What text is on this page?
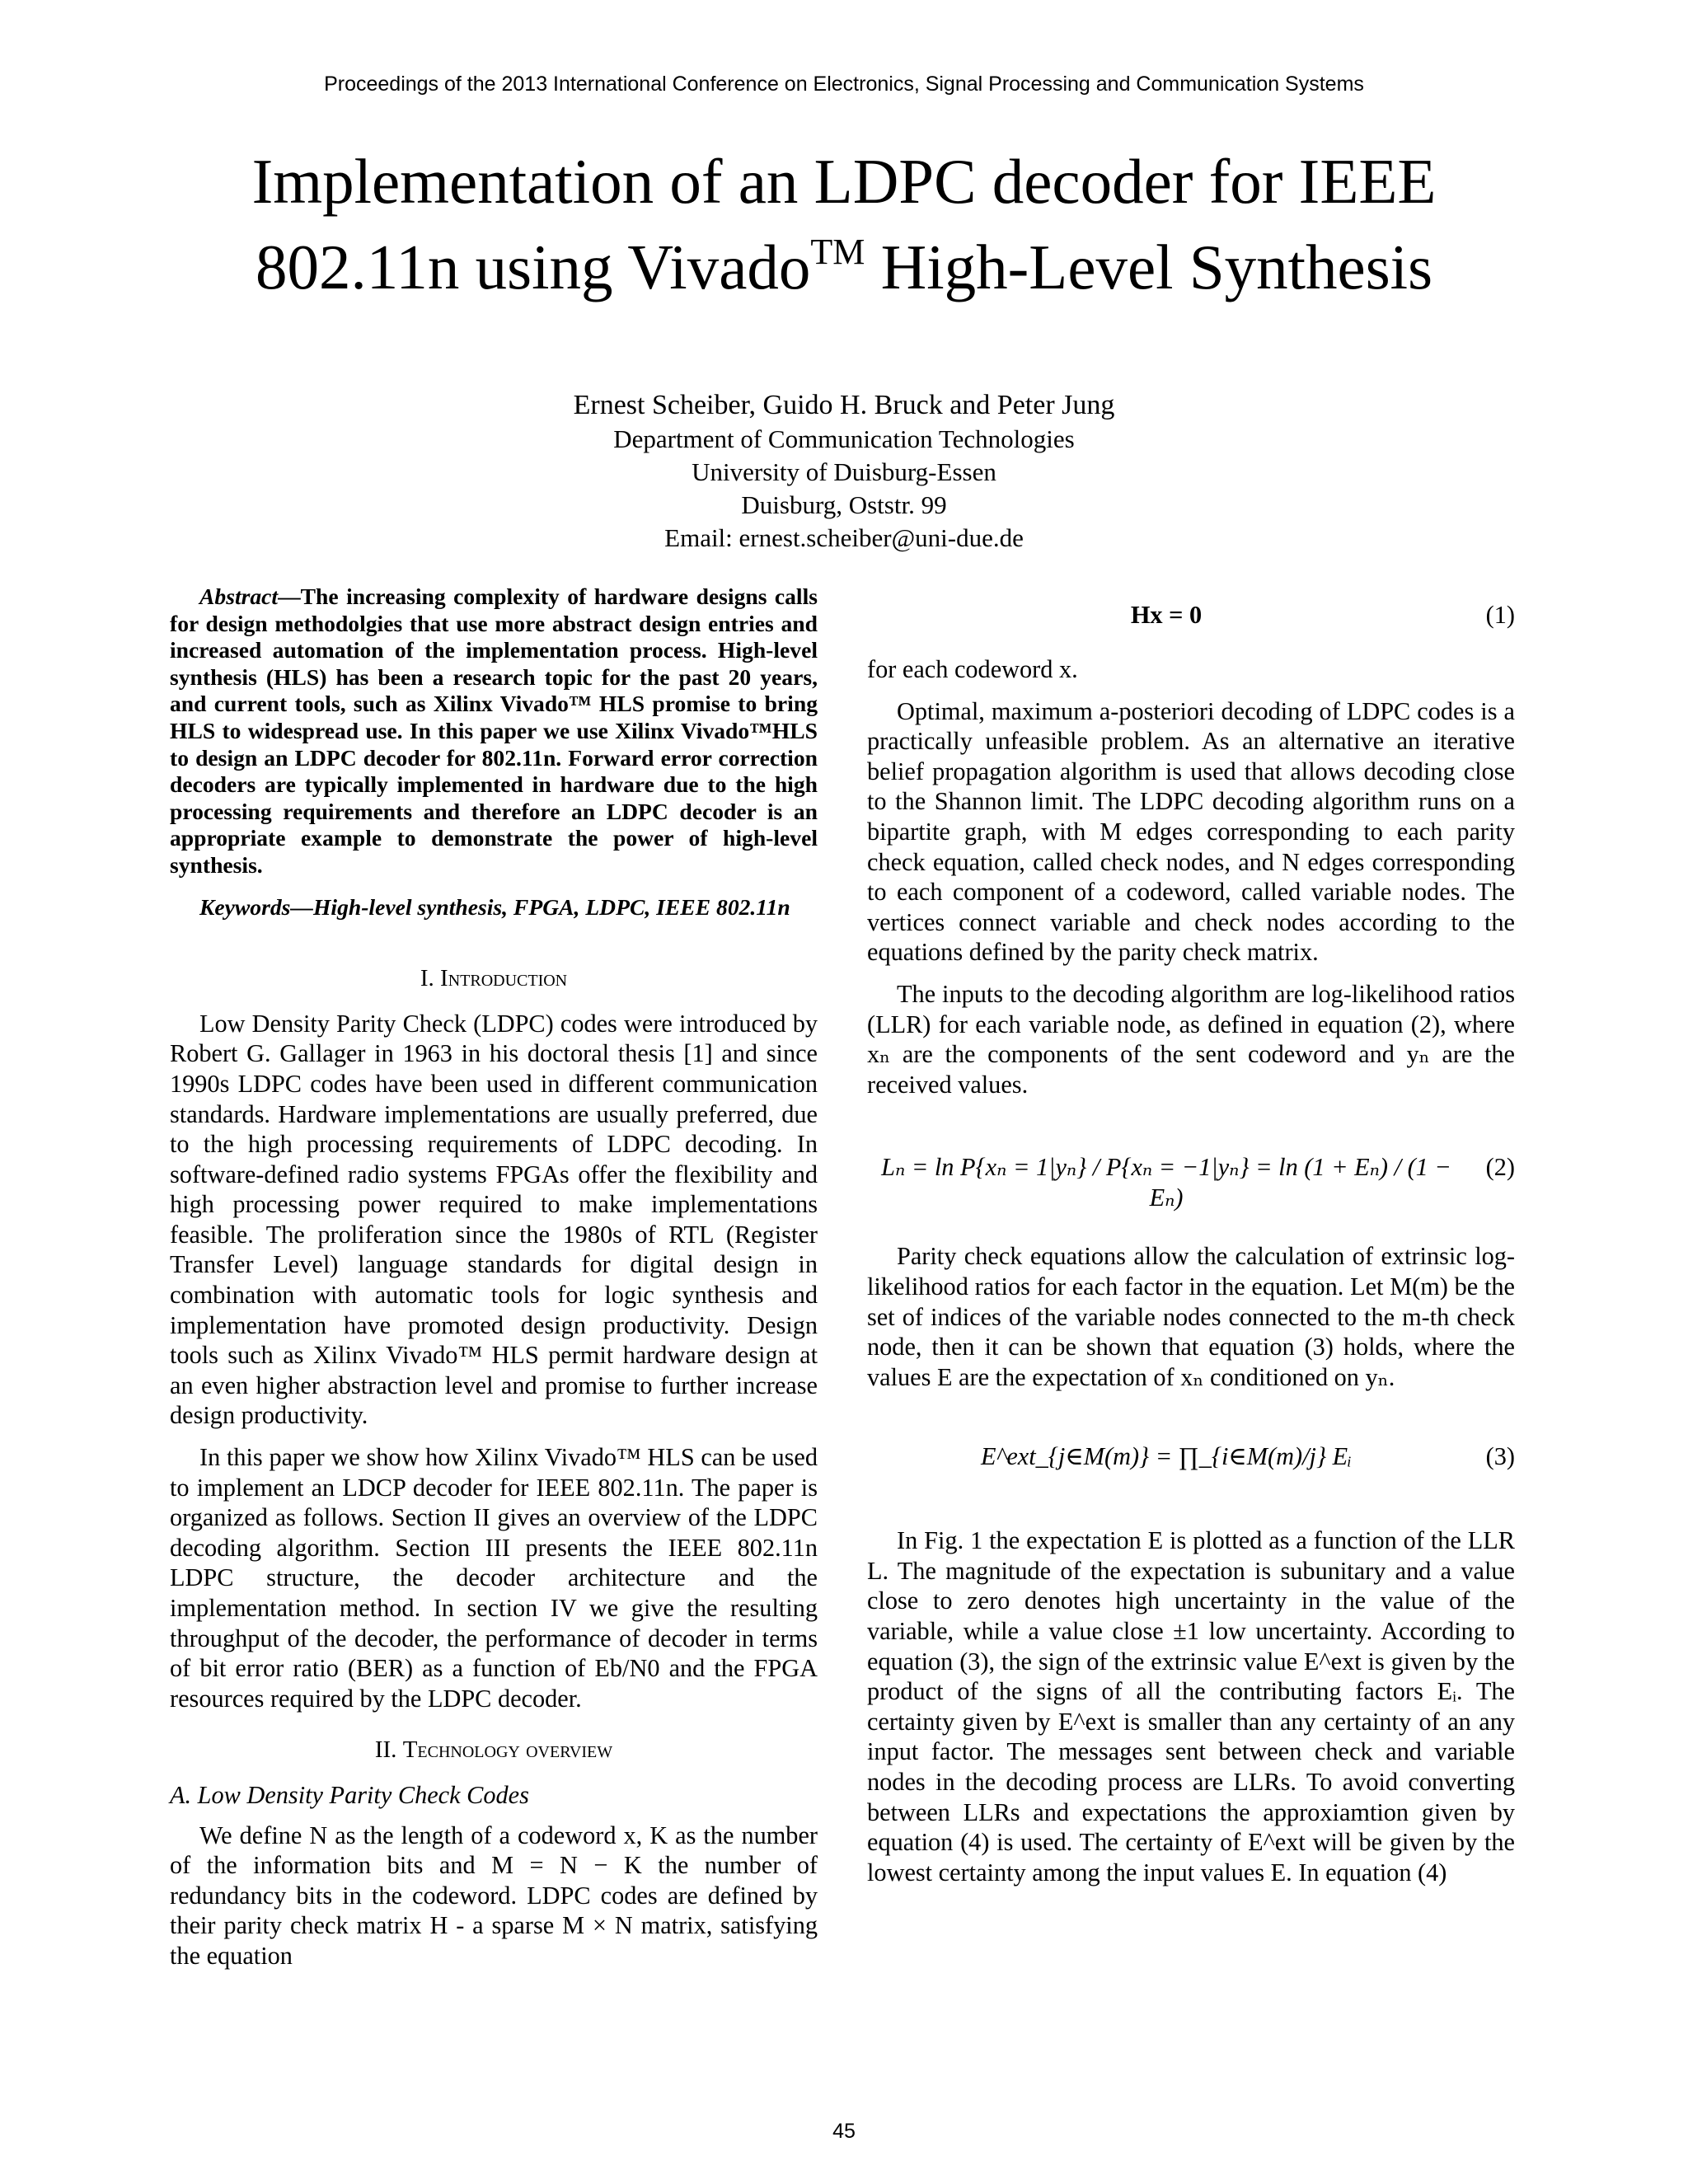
Proceedings of the 2013 International Conference on Electronics, Signal Processing and Communication Systems
Implementation of an LDPC decoder for IEEE
802.11n using Vivado™ High-Level Synthesis
Ernest Scheiber, Guido H. Bruck and Peter Jung
Department of Communication Technologies
University of Duisburg-Essen
Duisburg, Oststr. 99
Email: ernest.scheiber@uni-due.de

Abstract—The increasing complexity of hardware designs calls for design methodolgies that use more abstract design entries and increased automation of the implementation process. High-level synthesis (HLS) has been a research topic for the past 20 years, and current tools, such as Xilinx Vivado™ HLS promise to bring HLS to widespread use. In this paper we use Xilinx Vivado™HLS to design an LDPC decoder for 802.11n. Forward error correction decoders are typically implemented in hardware due to the high processing requirements and therefore an LDPC decoder is an appropriate example to demonstrate the power of high-level synthesis.

Keywords—High-level synthesis, FPGA, LDPC, IEEE 802.11n

I. Introduction

Low Density Parity Check (LDPC) codes were introduced by Robert G. Gallager in 1963 in his doctoral thesis [1] and since 1990s LDPC codes have been used in different communication standards. Hardware implementations are usually preferred, due to the high processing requirements of LDPC decoding. In software-defined radio systems FPGAs offer the flexibility and high processing power required to make implementations feasible. The proliferation since the 1980s of RTL (Register Transfer Level) language standards for digital design in combination with automatic tools for logic synthesis and implementation have promoted design productivity. Design tools such as Xilinx Vivado™ HLS permit hardware design at an even higher abstraction level and promise to further increase design productivity.

In this paper we show how Xilinx Vivado™ HLS can be used to implement an LDCP decoder for IEEE 802.11n. The paper is organized as follows. Section II gives an overview of the LDPC decoding algorithm. Section III presents the IEEE 802.11n LDPC structure, the decoder architecture and the implementation method. In section IV we give the resulting throughput of the decoder, the performance of decoder in terms of bit error ratio (BER) as a function of Eb/N0 and the FPGA resources required by the LDPC decoder.

II. Technology overview
A. Low Density Parity Check Codes

We define N as the length of a codeword x, K as the number of the information bits and M = N − K the number of redundancy bits in the codeword. LDPC codes are defined by their parity check matrix H - a sparse M × N matrix, satisfying the equation

Hx = 0	(1)

for each codeword x.

Optimal, maximum a-posteriori decoding of LDPC codes is a practically unfeasible problem. As an alternative an iterative belief propagation algorithm is used that allows decoding close to the Shannon limit. The LDPC decoding algorithm runs on a bipartite graph, with M edges corresponding to each parity check equation, called check nodes, and N edges corresponding to each component of a codeword, called variable nodes. The vertices connect variable and check nodes according to the equations defined by the parity check matrix.

The inputs to the decoding algorithm are log-likelihood ratios (LLR) for each variable node, as defined in equation (2), where xₙ are the components of the sent codeword and yₙ are the received values.

Lₙ = ln P{xₙ = 1|yₙ} / P{xₙ = −1|yₙ} = ln (1 + Eₙ) / (1 − Eₙ)
(2)

Parity check equations allow the calculation of extrinsic log-likelihood ratios for each factor in the equation. Let M(m) be the set of indices of the variable nodes connected to the m-th check node, then it can be shown that equation (3) holds, where the values E are the expectation of xₙ conditioned on yₙ.

E^ext_{j∈M(m)} = ∏_{i∈M(m)/j} Eᵢ	(3)

In Fig. 1 the expectation E is plotted as a function of the LLR L. The magnitude of the expectation is subunitary and a value close to zero denotes high uncertainty in the value of the variable, while a value close ±1 low uncertainty. According to equation (3), the sign of the extrinsic value E^ext is given by the product of the signs of all the contributing factors Eᵢ. The certainty given by E^ext is smaller than any certainty of an any input factor. The messages sent between check and variable nodes in the decoding process are LLRs. To avoid converting between LLRs and expectations the approxiamtion given by equation (4) is used. The certainty of E^ext will be given by the lowest certainty among the input values E. In equation (4)

45
